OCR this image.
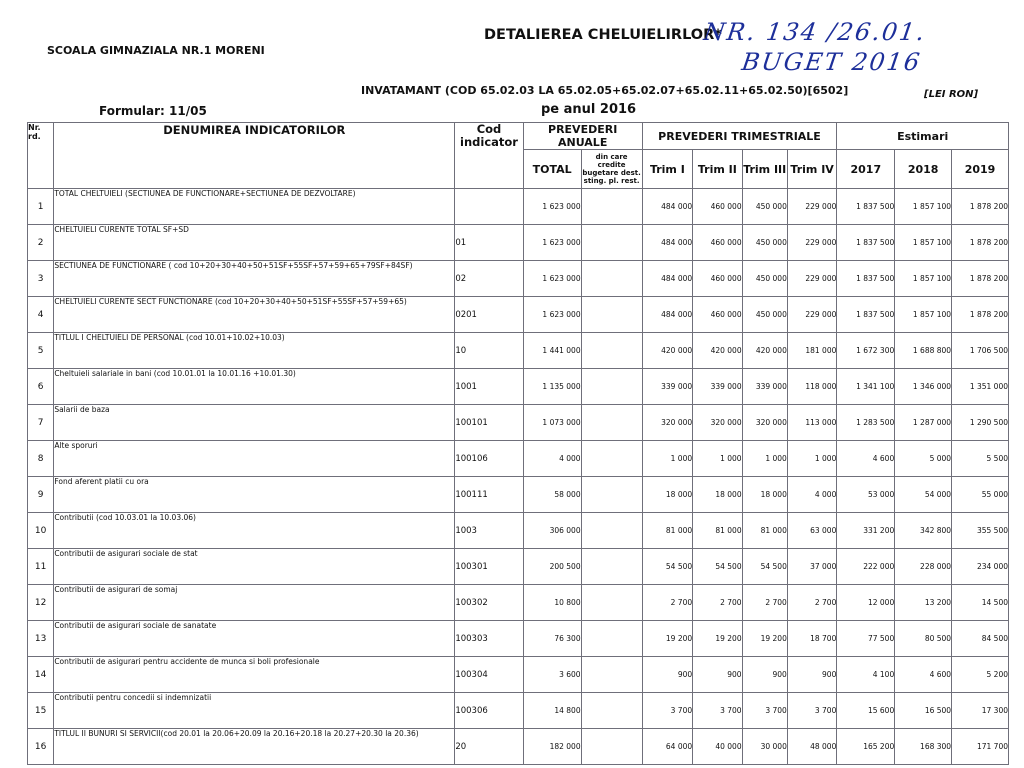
SCOALA GIMNAZIALA NR.1 MORENI
DETALIEREA CHELUIELIRLOR*
NR. 134 /26.01.
BUGET 2016
INVATAMANT (COD 65.02.03 LA 65.02.05+65.02.07+65.02.11+65.02.50)[6502]	[LEI RON]
Formular: 11/05	pe anul 2016
Nr. rd.	DENUMIREA INDICATORILOR	Cod indicator	PREVEDERI ANUALE		PREVEDERI TRIMESTRIALE				Estimari		
			TOTAL	din care credite bugetare dest. sting. pl. rest.	Trim I	Trim II	Trim III	Trim IV	2017	2018	2019
1	TOTAL CHELTUIELI (SECTIUNEA DE FUNCTIONARE+SECTIUNEA DE DEZVOLTARE)		1 623 000		484 000	460 000	450 000	229 000	1 837 500	1 857 100	1 878 200
2	CHELTUIELI CURENTE TOTAL SF+SD	01	1 623 000		484 000	460 000	450 000	229 000	1 837 500	1 857 100	1 878 200
3	SECTIUNEA DE FUNCTIONARE ( cod 10+20+30+40+50+51SF+55SF+57+59+65+79SF+84SF)	02	1 623 000		484 000	460 000	450 000	229 000	1 837 500	1 857 100	1 878 200
4	CHELTUIELI CURENTE SECT FUNCTIONARE (cod 10+20+30+40+50+51SF+55SF+57+59+65)	0201	1 623 000		484 000	460 000	450 000	229 000	1 837 500	1 857 100	1 878 200
5	TITLUL I CHELTUIELI DE PERSONAL (cod 10.01+10.02+10.03)	10	1 441 000		420 000	420 000	420 000	181 000	1 672 300	1 688 800	1 706 500
6	Cheltuieli salariale in bani (cod 10.01.01 la 10.01.16 +10.01.30)	1001	1 135 000		339 000	339 000	339 000	118 000	1 341 100	1 346 000	1 351 000
7	Salarii de baza	100101	1 073 000		320 000	320 000	320 000	113 000	1 283 500	1 287 000	1 290 500
8	Alte sporuri	100106	4 000		1 000	1 000	1 000	1 000	4 600	5 000	5 500
9	Fond aferent platii cu ora	100111	58 000		18 000	18 000	18 000	4 000	53 000	54 000	55 000
10	Contributii (cod 10.03.01 la 10.03.06)	1003	306 000		81 000	81 000	81 000	63 000	331 200	342 800	355 500
11	Contributii de asigurari sociale de stat	100301	200 500		54 500	54 500	54 500	37 000	222 000	228 000	234 000
12	Contributii de asigurari de somaj	100302	10 800		2 700	2 700	2 700	2 700	12 000	13 200	14 500
13	Contributii de asigurari sociale de sanatate	100303	76 300		19 200	19 200	19 200	18 700	77 500	80 500	84 500
14	Contributii de asigurari pentru accidente de munca si boli profesionale	100304	3 600		900	900	900	900	4 100	4 600	5 200
15	Contributii pentru concedii si indemnizatii	100306	14 800		3 700	3 700	3 700	3 700	15 600	16 500	17 300
16	TITLUL II BUNURI SI SERVICII(cod 20.01 la 20.06+20.09 la 20.16+20.18 la 20.27+20.30 la 20.36)	20	182 000		64 000	40 000	30 000	48 000	165 200	168 300	171 700
